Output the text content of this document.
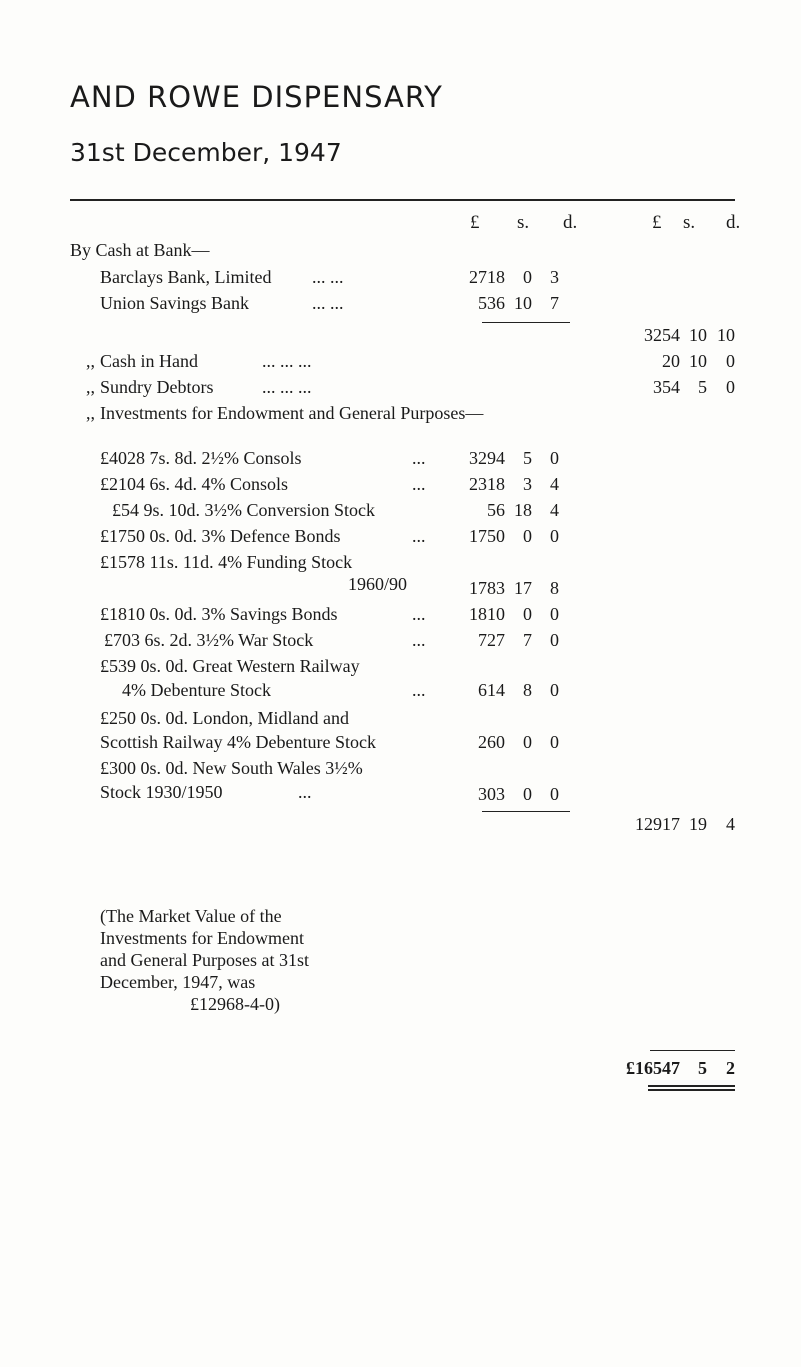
AND ROWE DISPENSARY
31st December, 1947
£ s. d.	£ s. d.
By Cash at Bank—
Barclays Bank, Limited ... ...	2718	0	3
Union Savings Bank	... ...	536 10	7
3254 10 10
,, Cash in Hand	... ... ...	20 10	0
,, Sundry Debtors	... ... ...	354	5	0
,, Investments for Endowment and General Purposes—
£4028 7s. 8d. 2½% Consols	...	3294	5	0
£2104 6s. 4d. 4% Consols	...	2318	3	4
£54 9s. 10d. 3½% Conversion Stock	56 18	4
£1750 0s. 0d. 3% Defence Bonds	...	1750	0	0
£1578 11s. 11d. 4% Funding Stock
1960/90	1783 17	8
£1810 0s. 0d. 3% Savings Bonds	...	1810	0	0
£703 6s. 2d. 3½% War Stock	...	727	7	0
£539 0s. 0d. Great Western Railway
4% Debenture Stock	...	614	8	0
£250 0s. 0d. London, Midland and
Scottish Railway 4% Debenture Stock	260	0	0
£300 0s. 0d. New South Wales 3½%
Stock 1930/1950	...	303	0	0
12917 19	4
(The Market Value of the
Investments for Endowment
and General Purposes at 31st
December, 1947, was
£12968-4-0)
£16547	5	2
